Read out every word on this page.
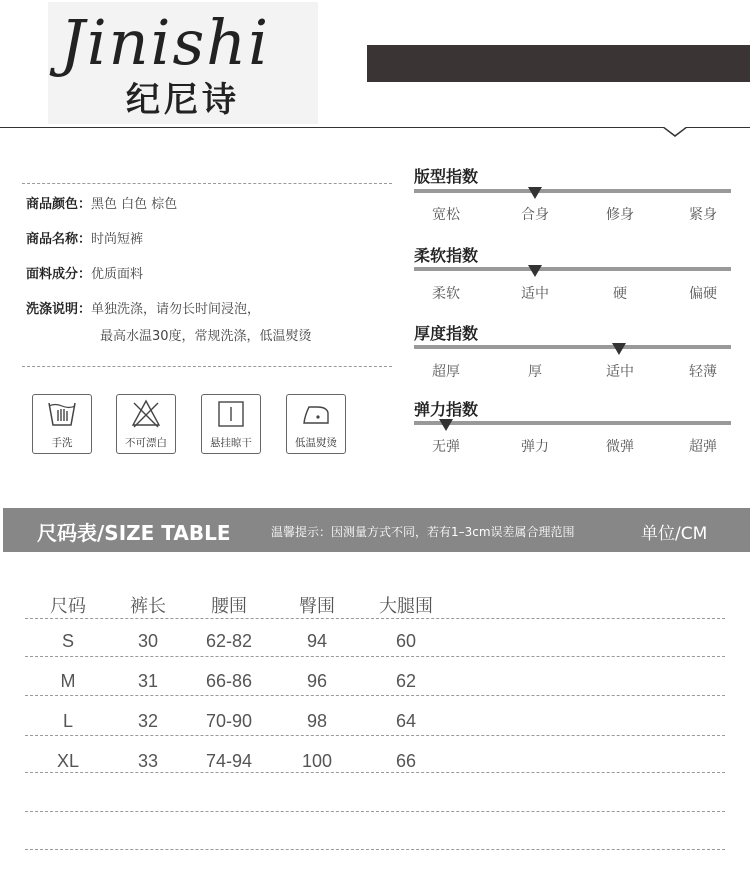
Jinishi
纪尼诗
商品颜色：黑色 白色 棕色
商品名称：时尚短裤
面料成分：优质面料
洗涤说明：单独洗涤，请勿长时间浸泡，
最高水温30度，常规洗涤，低温熨烫
手洗	不可漂白	悬挂晾干	低温熨烫
版型指数
宽松	合身	修身	紧身
柔软指数
柔软	适中	硬	偏硬
厚度指数
超厚	厚	适中	轻薄
弹力指数
无弹	弹力	微弹	超弹
尺码表/SIZE TABLE	温馨提示：因测量方式不同，若有1–3cm误差属合理范围	单位/CM
尺码	裤长	腰围	臀围	大腿围
S	30	62-82	94	60
M	31	66-86	96	62
L	32	70-90	98	64
XL	33	74-94	100	66
